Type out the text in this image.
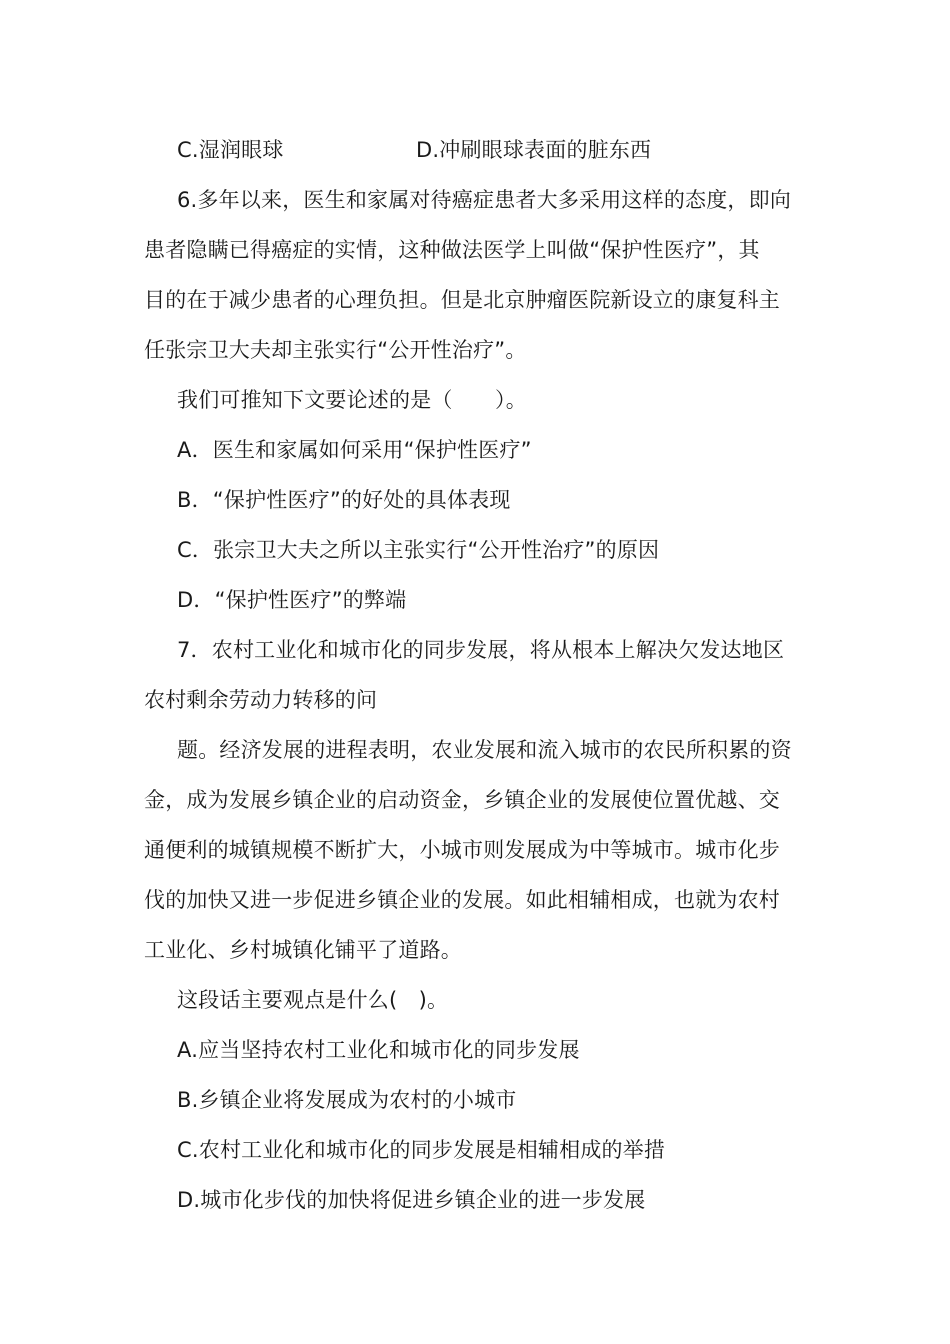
C.湿润眼球	D.冲刷眼球表面的脏东西
6.多年以来，医生和家属对待癌症患者大多采用这样的态度，即向
患者隐瞒已得癌症的实情，这种做法医学上叫做“保护性医疗”，其
目的在于减少患者的心理负担。但是北京肿瘤医院新设立的康复科主
任张宗卫大夫却主张实行“公开性治疗”。
我们可推知下文要论述的是（　　）。
A．医生和家属如何采用“保护性医疗”
B．“保护性医疗”的好处的具体表现
C．张宗卫大夫之所以主张实行“公开性治疗”的原因
D．“保护性医疗”的弊端
7．农村工业化和城市化的同步发展，将从根本上解决欠发达地区
农村剩余劳动力转移的问
题。经济发展的进程表明，农业发展和流入城市的农民所积累的资
金，成为发展乡镇企业的启动资金，乡镇企业的发展使位置优越、交
通便利的城镇规模不断扩大，小城市则发展成为中等城市。城市化步
伐的加快又进一步促进乡镇企业的发展。如此相辅相成，也就为农村
工业化、乡村城镇化铺平了道路。
这段话主要观点是什么(　)。
A.应当坚持农村工业化和城市化的同步发展
B.乡镇企业将发展成为农村的小城市
C.农村工业化和城市化的同步发展是相辅相成的举措
D.城市化步伐的加快将促进乡镇企业的进一步发展
